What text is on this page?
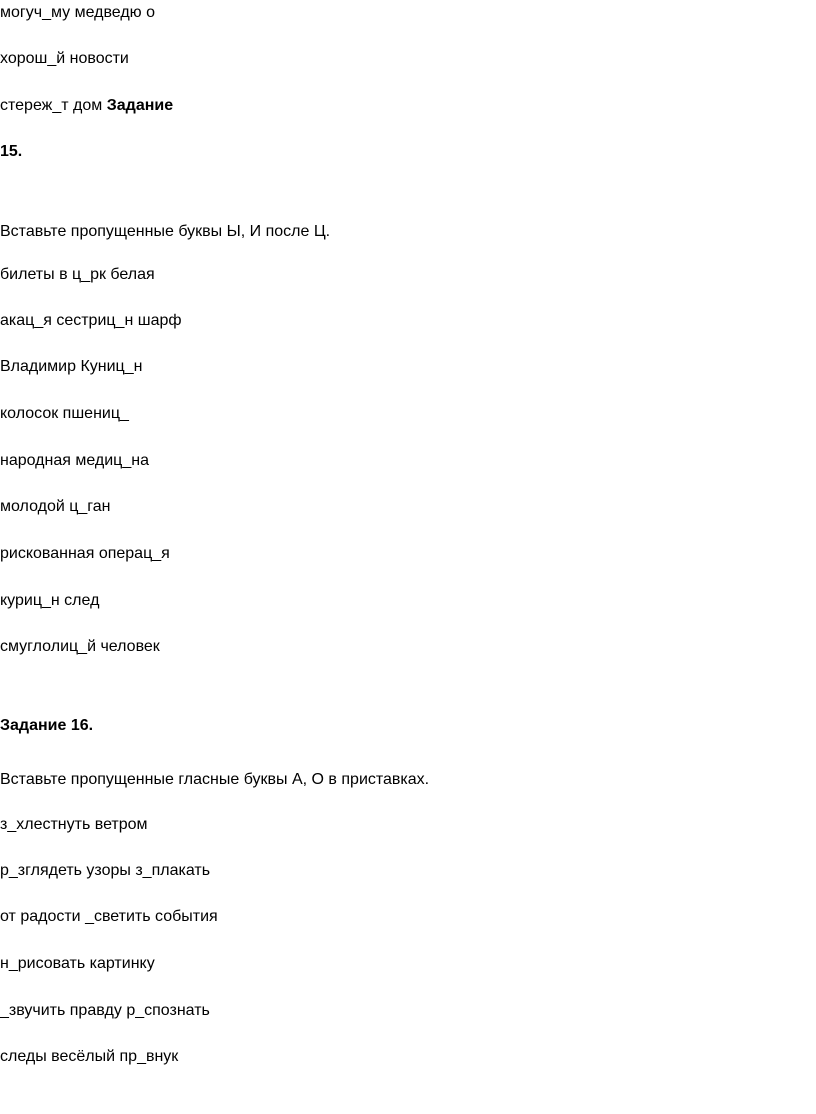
могуч_му медведю о
хорош_й новости
стереж_т дом Задание
15.
Вставьте пропущенные буквы Ы, И после Ц.
билеты в ц_рк белая
акац_я сестриц_н шарф
Владимир Куниц_н
колосок пшениц_
народная медиц_на
молодой ц_ган
рискованная операц_я
куриц_н след
смуглолиц_й человек
Задание 16.
Вставьте пропущенные гласные буквы А, О в приставках.
з_хлестнуть ветром
р_зглядеть узоры з_плакать
от радости _светить события
н_рисовать картинку
_звучить правду р_спознать
следы весёлый пр_внук
